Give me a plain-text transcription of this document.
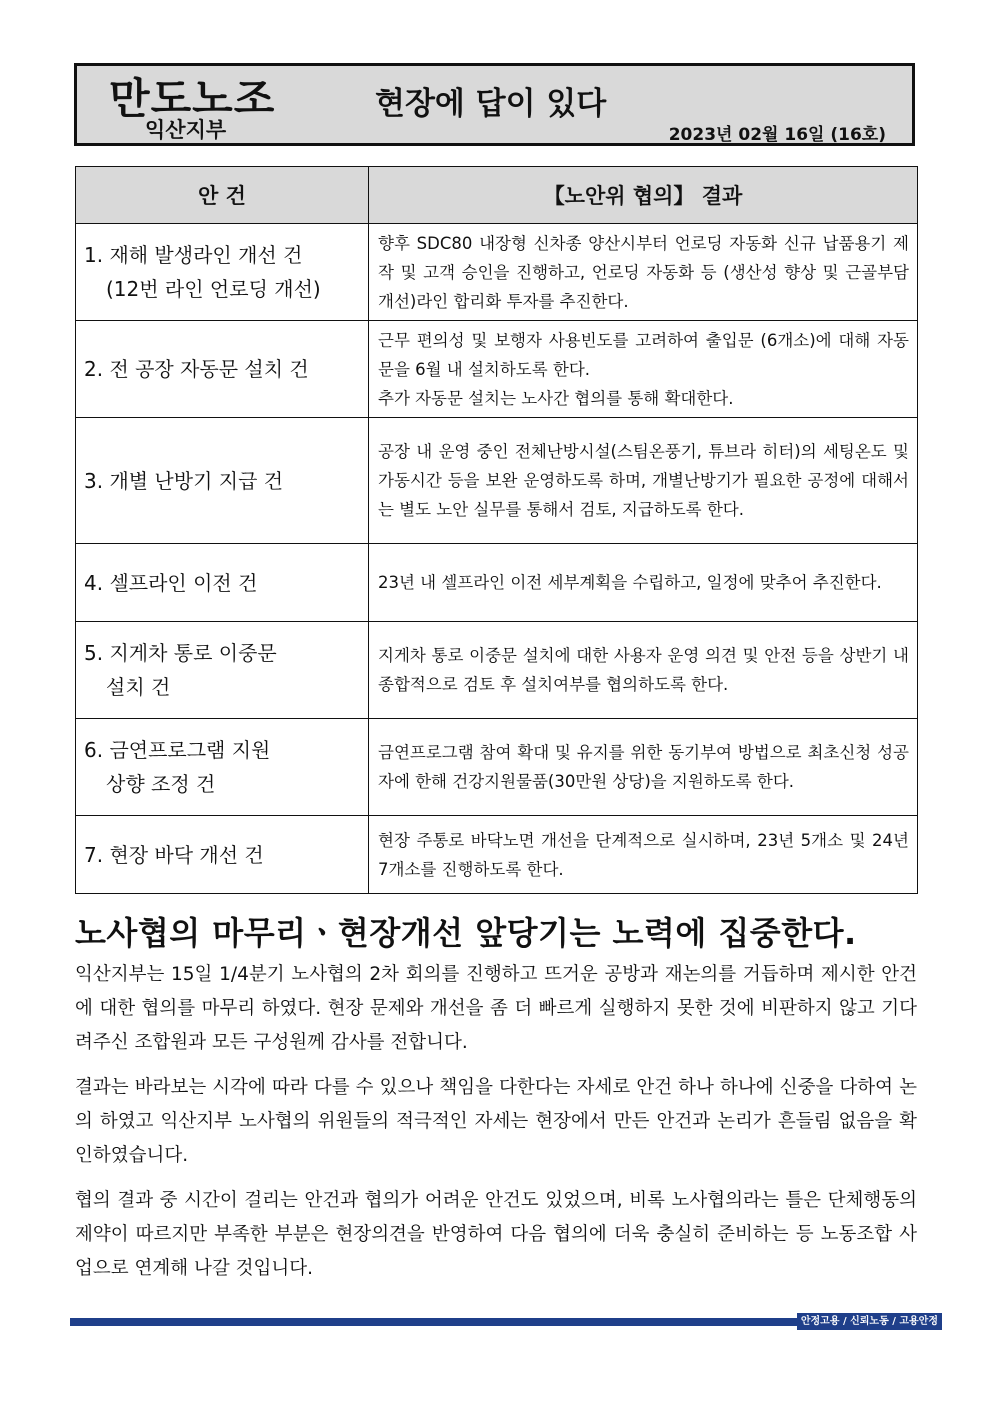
만도노조
익산지부
현장에 답이 있다
2023년 02월 16일 (16호)
안 건	【노안위 협의】 결과
1. 재해 발생라인 개선 건
(12번 라인 언로딩 개선)	향후 SDC80 내장형 신차종 양산시부터 언로딩 자동화 신규 납품용기 제작 및 고객 승인을 진행하고, 언로딩 자동화 등 (생산성 향상 및 근골부담 개선)라인 합리화 투자를 추진한다.
2. 전 공장 자동문 설치 건	근무 편의성 및 보행자 사용빈도를 고려하여 출입문 (6개소)에 대해 자동문을 6월 내 설치하도록 한다.
추가 자동문 설치는 노사간 협의를 통해 확대한다.
3. 개별 난방기 지급 건	공장 내 운영 중인 전체난방시설(스팀온풍기, 튜브라 히터)의 세팅온도 및 가동시간 등을 보완 운영하도록 하며, 개별난방기가 필요한 공정에 대해서는 별도 노안 실무를 통해서 검토, 지급하도록 한다.
4. 셀프라인 이전 건	23년 내 셀프라인 이전 세부계획을 수립하고, 일정에 맞추어 추진한다.
5. 지게차 통로 이중문
설치 건	지게차 통로 이중문 설치에 대한 사용자 운영 의견 및 안전 등을 상반기 내 종합적으로 검토 후 설치여부를 협의하도록 한다.
6. 금연프로그램 지원
상향 조정 건	금연프로그램 참여 확대 및 유지를 위한 동기부여 방법으로 최초신청 성공자에 한해 건강지원물품(30만원 상당)을 지원하도록 한다.
7. 현장 바닥 개선 건	현장 주통로 바닥노면 개선을 단계적으로 실시하며, 23년 5개소 및 24년 7개소를 진행하도록 한다.
노사협의 마무리ㆍ현장개선 앞당기는 노력에 집중한다.

익산지부는 15일 1/4분기 노사협의 2차 회의를 진행하고 뜨거운 공방과 재논의를 거듭하며 제시한 안건에 대한 협의를 마무리 하였다. 현장 문제와 개선을 좀 더 빠르게 실행하지 못한 것에 비판하지 않고 기다려주신 조합원과 모든 구성원께 감사를 전합니다.

결과는 바라보는 시각에 따라 다를 수 있으나 책임을 다한다는 자세로 안건 하나 하나에 신중을 다하여 논의 하였고 익산지부 노사협의 위원들의 적극적인 자세는 현장에서 만든 안건과 논리가 흔들림 없음을 확인하였습니다.

협의 결과 중 시간이 걸리는 안건과 협의가 어려운 안건도 있었으며, 비록 노사협의라는 틀은 단체행동의 제약이 따르지만 부족한 부분은 현장의견을 반영하여 다음 협의에 더욱 충실히 준비하는 등 노동조합 사업으로 연계해 나갈 것입니다.

안정고용 / 신뢰노동 / 고용안정
